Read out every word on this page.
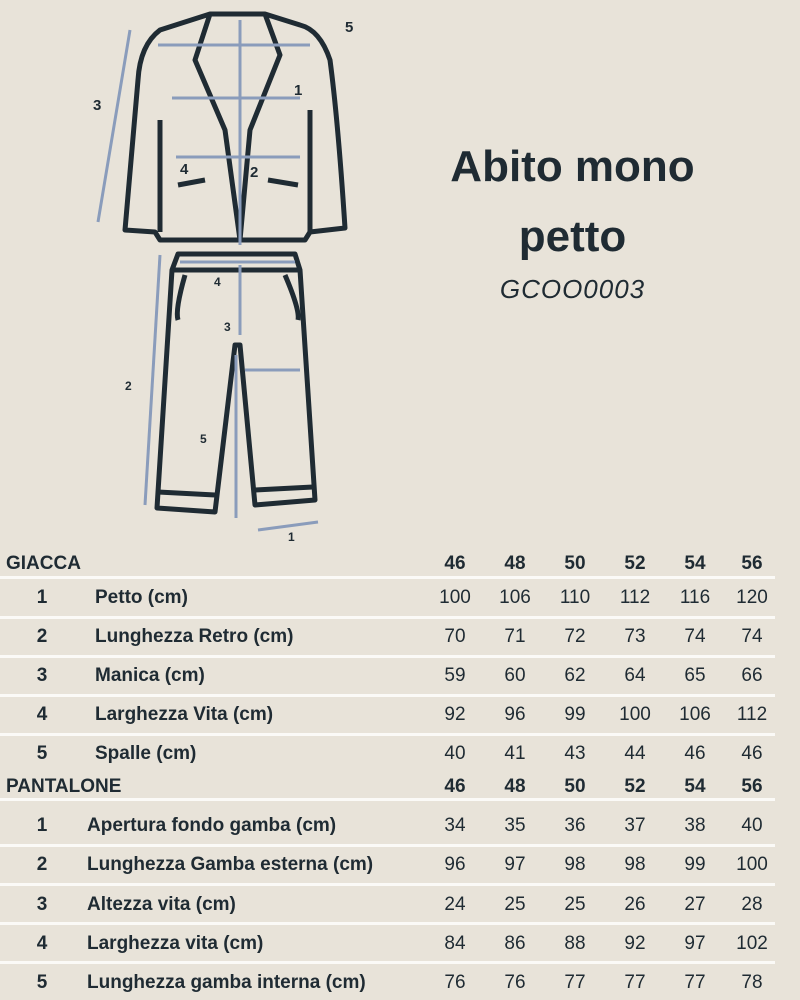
1
2
3
4
5
1
2
3
4
5
Abito mono
petto
GCOO0003
GIACCA	46	48	50	52	54	56
1	Petto (cm)	100	106	110	112	116	120
2	Lunghezza Retro (cm)	70	71	72	73	74	74
3	Manica (cm)	59	60	62	64	65	66
4	Larghezza Vita (cm)	92	96	99	100	106	112
5	Spalle (cm)	40	41	43	44	46	46
PANTALONE	46	48	50	52	54	56
1	Apertura fondo gamba (cm)	34	35	36	37	38	40
2	Lunghezza Gamba esterna (cm)	96	97	98	98	99	100
3	Altezza vita (cm)	24	25	25	26	27	28
4	Larghezza vita (cm)	84	86	88	92	97	102
5	Lunghezza gamba interna (cm)	76	76	77	77	77	78
